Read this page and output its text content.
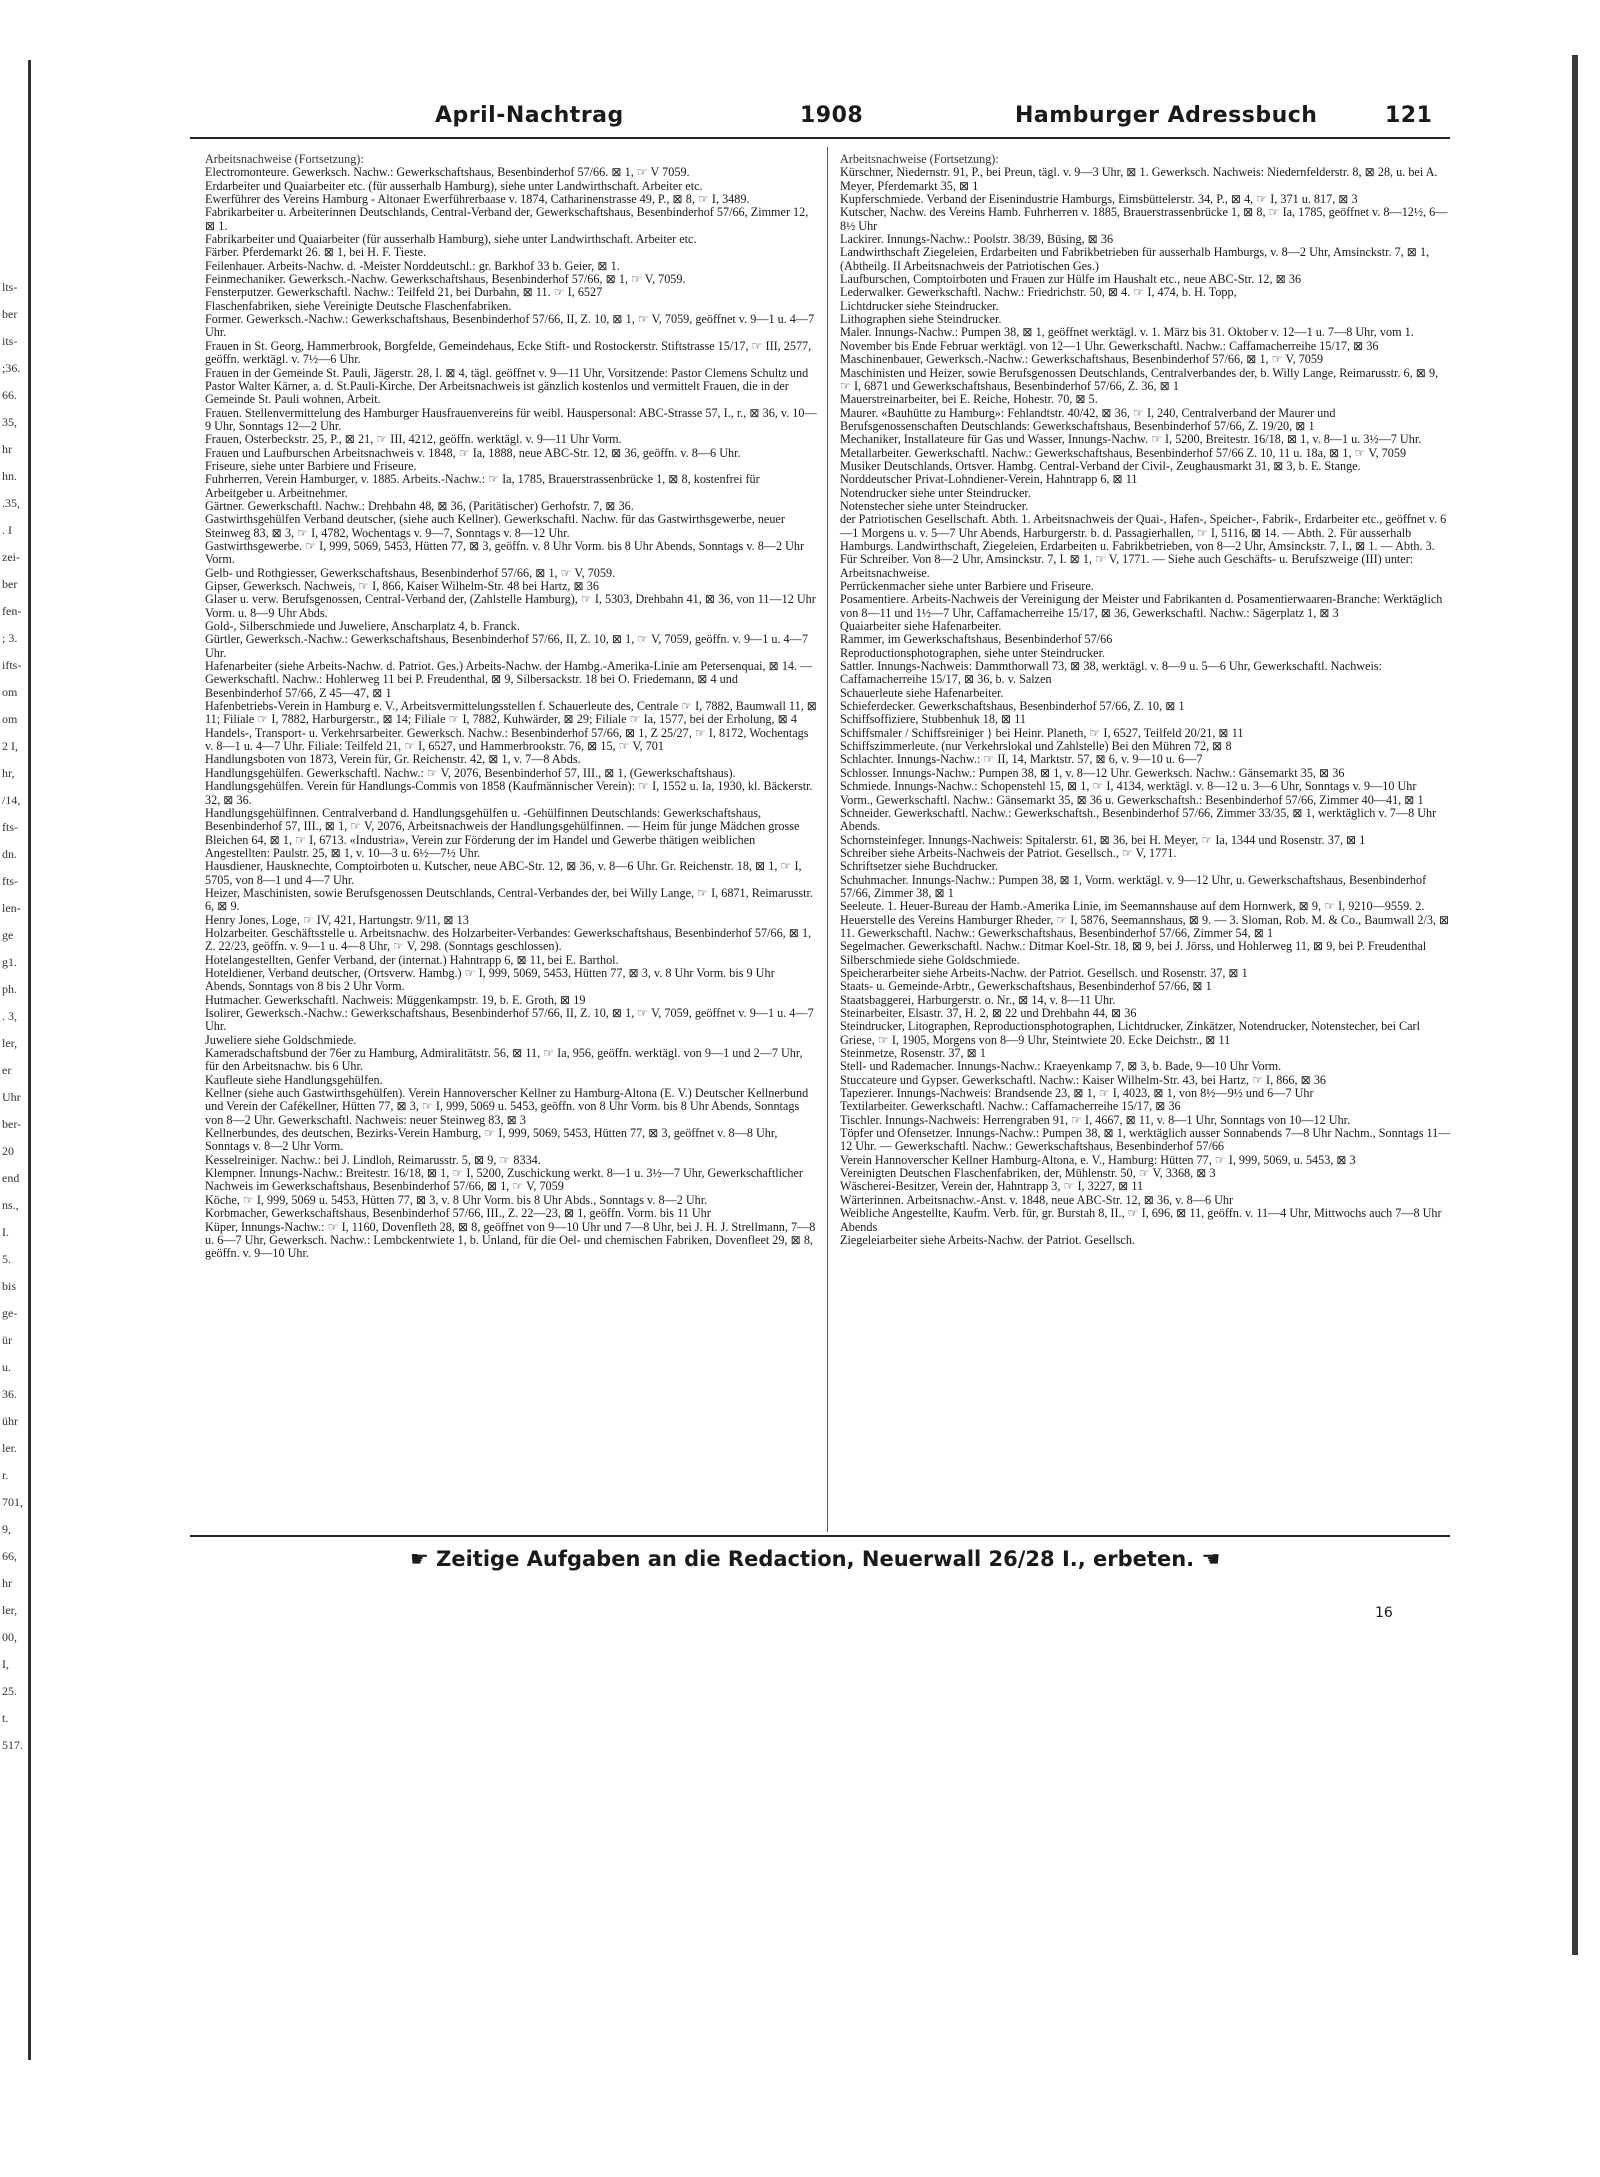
lts-
ber
its-
;36.
66.
35,
hr
hn.
.35,
. I
zei-
ber
fen-
; 3.
ifts-
om
om
2 I,
hr,
/14,
fts-
dn.
fts-
len-
ge
g1.
ph.
. 3,
ler,
er
Uhr
ber-
20
end
ns.,
I.
5.
bis
ge-
ür
u.
36.
ühr
ler.
r.
701,
9,
66,
hr
ler,
00,
I,
25.
t.
517.
April-Nachtrag	1908	Hamburger Adressbuch	121

Arbeitsnachweise (Fortsetzung):

Electromonteure. Gewerksch. Nachw.: Gewerkschaftshaus, Besenbinderhof 57/66. ⊠ 1, ☞ V 7059.

Erdarbeiter und Quaiarbeiter etc. (für ausserhalb Hamburg), siehe unter Landwirthschaft. Arbeiter etc.

Ewerführer des Vereins Hamburg - Altonaer Ewerführerbaase v. 1874, Catharinenstrasse 49, P., ⊠ 8, ☞ I, 3489.

Fabrikarbeiter u. Arbeiterinnen Deutschlands, Central-Verband der, Gewerkschaftshaus, Besenbinderhof 57/66, Zimmer 12, ⊠ 1.

Fabrikarbeiter und Quaiarbeiter (für ausserhalb Hamburg), siehe unter Landwirthschaft. Arbeiter etc.

Färber. Pferdemarkt 26. ⊠ 1, bei H. F. Tieste.

Feilenhauer. Arbeits-Nachw. d. -Meister Norddeutschl.: gr. Barkhof 33 b. Geier, ⊠ 1.

Feinmechaniker. Gewerksch.-Nachw. Gewerkschaftshaus, Besenbinderhof 57/66, ⊠ 1, ☞ V, 7059.

Fensterputzer. Gewerkschaftl. Nachw.: Teilfeld 21, bei Durbahn, ⊠ 11. ☞ I, 6527

Flaschenfabriken, siehe Vereinigte Deutsche Flaschenfabriken.

Former. Gewerksch.-Nachw.: Gewerkschaftshaus, Besenbinderhof 57/66, II, Z. 10, ⊠ 1, ☞ V, 7059, geöffnet v. 9—1 u. 4—7 Uhr.

Frauen in St. Georg, Hammerbrook, Borgfelde, Gemeindehaus, Ecke Stift- und Rostockerstr. Stiftstrasse 15/17, ☞ III, 2577, geöffn. werktägl. v. 7½—6 Uhr.

Frauen in der Gemeinde St. Pauli, Jägerstr. 28, I. ⊠ 4, tägl. geöffnet v. 9—11 Uhr, Vorsitzende: Pastor Clemens Schultz und Pastor Walter Kärner, a. d. St.Pauli-Kirche. Der Arbeitsnachweis ist gänzlich kostenlos und vermittelt Frauen, die in der Gemeinde St. Pauli wohnen, Arbeit.

Frauen. Stellenvermittelung des Hamburger Hausfrauenvereins für weibl. Hauspersonal: ABC-Strasse 57, I., r., ⊠ 36, v. 10—9 Uhr, Sonntags 12—2 Uhr.

Frauen, Osterbeckstr. 25, P., ⊠ 21, ☞ III, 4212, geöffn. werktägl. v. 9—11 Uhr Vorm.

Frauen und Laufburschen Arbeitsnachweis v. 1848, ☞ Ia, 1888, neue ABC-Str. 12, ⊠ 36, geöffn. v. 8—6 Uhr.

Friseure, siehe unter Barbiere und Friseure.

Fuhrherren, Verein Hamburger, v. 1885. Arbeits.-Nachw.: ☞ Ia, 1785, Brauerstrassenbrücke 1, ⊠ 8, kostenfrei für Arbeitgeber u. Arbeitnehmer.

Gärtner. Gewerkschaftl. Nachw.: Drehbahn 48, ⊠ 36, (Paritätischer) Gerhofstr. 7, ⊠ 36.

Gastwirthsgehülfen Verband deutscher, (siehe auch Kellner). Gewerkschaftl. Nachw. für das Gastwirthsgewerbe, neuer Steinweg 83, ⊠ 3, ☞ I, 4782, Wochentags v. 9—7, Sonntags v. 8—12 Uhr.

Gastwirthsgewerbe. ☞ I, 999, 5069, 5453, Hütten 77, ⊠ 3, geöffn. v. 8 Uhr Vorm. bis 8 Uhr Abends, Sonntags v. 8—2 Uhr Vorm.

Gelb- und Rothgiesser, Gewerkschaftshaus, Besenbinderhof 57/66, ⊠ 1, ☞ V, 7059.

Gipser, Gewerksch. Nachweis, ☞ I, 866, Kaiser Wilhelm-Str. 48 bei Hartz, ⊠ 36

Glaser u. verw. Berufsgenossen, Central-Verband der, (Zahlstelle Hamburg), ☞ I, 5303, Drehbahn 41, ⊠ 36, von 11—12 Uhr Vorm. u. 8—9 Uhr Abds.

Gold-, Silberschmiede und Juweliere, Anscharplatz 4, b. Franck.

Gürtler, Gewerksch.-Nachw.: Gewerkschaftshaus, Besenbinderhof 57/66, II, Z. 10, ⊠ 1, ☞ V, 7059, geöffn. v. 9—1 u. 4—7 Uhr.

Hafenarbeiter (siehe Arbeits-Nachw. d. Patriot. Ges.) Arbeits-Nachw. der Hambg.-Amerika-Linie am Petersenquai, ⊠ 14. — Gewerkschaftl. Nachw.: Hohlerweg 11 bei P. Freudenthal, ⊠ 9, Silbersackstr. 18 bei O. Friedemann, ⊠ 4 und Besenbinderhof 57/66, Z 45—47, ⊠ 1

Hafenbetriebs-Verein in Hamburg e. V., Arbeitsvermittelungsstellen f. Schauerleute des, Centrale ☞ I, 7882, Baumwall 11, ⊠ 11; Filiale ☞ I, 7882, Harburgerstr., ⊠ 14; Filiale ☞ I, 7882, Kuhwärder, ⊠ 29; Filiale ☞ Ia, 1577, bei der Erholung, ⊠ 4

Handels-, Transport- u. Verkehrsarbeiter. Gewerksch. Nachw.: Besenbinderhof 57/66, ⊠ 1, Z 25/27, ☞ I, 8172, Wochentags v. 8—1 u. 4—7 Uhr. Filiale: Teilfeld 21, ☞ I, 6527, und Hammerbrookstr. 76, ⊠ 15, ☞ V, 701

Handlungsboten von 1873, Verein für, Gr. Reichenstr. 42, ⊠ 1, v. 7—8 Abds.

Handlungsgehülfen. Gewerkschaftl. Nachw.: ☞ V, 2076, Besenbinderhof 57, III., ⊠ 1, (Gewerkschaftshaus).

Handlungsgehülfen. Verein für Handlungs-Commis von 1858 (Kaufmännischer Verein): ☞ I, 1552 u. Ia, 1930, kl. Bäckerstr. 32, ⊠ 36.

Handlungsgehülfinnen. Centralverband d. Handlungsgehülfen u. -Gehülfinnen Deutschlands: Gewerkschaftshaus, Besenbinderhof 57, III., ⊠ 1, ☞ V, 2076, Arbeitsnachweis der Handlungsgehülfinnen. — Heim für junge Mädchen grosse Bleichen 64, ⊠ 1, ☞ I, 6713. «Industria», Verein zur Förderung der im Handel und Gewerbe thätigen weiblichen Angestellten: Paulstr. 25, ⊠ 1, v. 10—3 u. 6½—7½ Uhr.

Hausdiener, Hausknechte, Comptoirboten u. Kutscher, neue ABC-Str. 12, ⊠ 36, v. 8—6 Uhr. Gr. Reichenstr. 18, ⊠ 1, ☞ I, 5705, von 8—1 und 4—7 Uhr.

Heizer, Maschinisten, sowie Berufsgenossen Deutschlands, Central-Verbandes der, bei Willy Lange, ☞ I, 6871, Reimarusstr. 6, ⊠ 9.

Henry Jones, Loge, ☞ IV, 421, Hartungstr. 9/11, ⊠ 13

Holzarbeiter. Geschäftsstelle u. Arbeitsnachw. des Holzarbeiter-Verbandes: Gewerkschaftshaus, Besenbinderhof 57/66, ⊠ 1, Z. 22/23, geöffn. v. 9—1 u. 4—8 Uhr, ☞ V, 298. (Sonntags geschlossen).

Hotelangestellten, Genfer Verband, der (internat.) Hahntrapp 6, ⊠ 11, bei E. Barthol.

Hoteldiener, Verband deutscher, (Ortsverw. Hambg.) ☞ I, 999, 5069, 5453, Hütten 77, ⊠ 3, v. 8 Uhr Vorm. bis 9 Uhr Abends, Sonntags von 8 bis 2 Uhr Vorm.

Hutmacher. Gewerkschaftl. Nachweis: Müggenkampstr. 19, b. E. Groth, ⊠ 19

Isolirer, Gewerksch.-Nachw.: Gewerkschaftshaus, Besenbinderhof 57/66, II, Z. 10, ⊠ 1, ☞ V, 7059, geöffnet v. 9—1 u. 4—7 Uhr.

Juweliere siehe Goldschmiede.

Kameradschaftsbund der 76er zu Hamburg, Admiralitätstr. 56, ⊠ 11, ☞ Ia, 956, geöffn. werktägl. von 9—1 und 2—7 Uhr, für den Arbeitsnachw. bis 6 Uhr.

Kaufleute siehe Handlungsgehülfen.

Kellner (siehe auch Gastwirthsgehülfen). Verein Hannoverscher Kellner zu Hamburg-Altona (E. V.) Deutscher Kellnerbund und Verein der Cafékellner, Hütten 77, ⊠ 3, ☞ I, 999, 5069 u. 5453, geöffn. von 8 Uhr Vorm. bis 8 Uhr Abends, Sonntags von 8—2 Uhr. Gewerkschaftl. Nachweis: neuer Steinweg 83, ⊠ 3

Kellnerbundes, des deutschen, Bezirks-Verein Hamburg, ☞ I, 999, 5069, 5453, Hütten 77, ⊠ 3, geöffnet v. 8—8 Uhr, Sonntags v. 8—2 Uhr Vorm.

Kesselreiniger. Nachw.: bei J. Lindloh, Reimarusstr. 5, ⊠ 9, ☞ 8334.

Klempner. Innungs-Nachw.: Breitestr. 16/18, ⊠ 1, ☞ I, 5200, Zuschickung werkt. 8—1 u. 3½—7 Uhr, Gewerkschaftlicher Nachweis im Gewerkschaftshaus, Besenbinderhof 57/66, ⊠ 1, ☞ V, 7059

Köche, ☞ I, 999, 5069 u. 5453, Hütten 77, ⊠ 3, v. 8 Uhr Vorm. bis 8 Uhr Abds., Sonntags v. 8—2 Uhr.

Korbmacher, Gewerkschaftshaus, Besenbinderhof 57/66, III., Z. 22—23, ⊠ 1, geöffn. Vorm. bis 11 Uhr

Küper, Innungs-Nachw.: ☞ I, 1160, Dovenfleth 28, ⊠ 8, geöffnet von 9—10 Uhr und 7—8 Uhr, bei J. H. J. Strellmann, 7—8 u. 6—7 Uhr, Gewerksch. Nachw.: Lembckentwiete 1, b. Unland, für die Oel- und chemischen Fabriken, Dovenfleet 29, ⊠ 8, geöffn. v. 9—10 Uhr.

Arbeitsnachweise (Fortsetzung):

Kürschner, Niedernstr. 91, P., bei Preun, tägl. v. 9—3 Uhr, ⊠ 1. Gewerksch. Nachweis: Niedernfelderstr. 8, ⊠ 28, u. bei A. Meyer, Pferdemarkt 35, ⊠ 1

Kupferschmiede. Verband der Eisenindustrie Hamburgs, Eimsbüttelerstr. 34, P., ⊠ 4, ☞ I, 371 u. 817, ⊠ 3

Kutscher, Nachw. des Vereins Hamb. Fuhrherren v. 1885, Brauerstrassenbrücke 1, ⊠ 8, ☞ Ia, 1785, geöffnet v. 8—12½, 6—8½ Uhr

Lackirer. Innungs-Nachw.: Poolstr. 38/39, Büsing, ⊠ 36

Landwirthschaft Ziegeleien, Erdarbeiten und Fabrikbetrieben für ausserhalb Hamburgs, v. 8—2 Uhr, Amsinckstr. 7, ⊠ 1, (Abtheilg. II Arbeitsnachweis der Patriotischen Ges.)

Laufburschen, Comptoirboten und Frauen zur Hülfe im Haushalt etc., neue ABC-Str. 12, ⊠ 36

Lederwalker. Gewerkschaftl. Nachw.: Friedrichstr. 50, ⊠ 4. ☞ I, 474, b. H. Topp,

Lichtdrucker siehe Steindrucker.

Lithographen siehe Steindrucker.

Maler. Innungs-Nachw.: Pumpen 38, ⊠ 1, geöffnet werktägl. v. 1. März bis 31. Oktober v. 12—1 u. 7—8 Uhr, vom 1. November bis Ende Februar werktägl. von 12—1 Uhr. Gewerkschaftl. Nachw.: Caffamacherreihe 15/17, ⊠ 36

Maschinenbauer, Gewerksch.-Nachw.: Gewerkschaftshaus, Besenbinderhof 57/66, ⊠ 1, ☞ V, 7059

Maschinisten und Heizer, sowie Berufsgenossen Deutschlands, Centralverbandes der, b. Willy Lange, Reimarusstr. 6, ⊠ 9, ☞ I, 6871 und Gewerkschaftshaus, Besenbinderhof 57/66, Z. 36, ⊠ 1

Mauerstreinarbeiter, bei E. Reiche, Hohestr. 70, ⊠ 5.

Maurer. «Bauhütte zu Hamburg»: Fehlandtstr. 40/42, ⊠ 36, ☞ I, 240, Centralverband der Maurer und Berufsgenossenschaften Deutschlands: Gewerkschaftshaus, Besenbinderhof 57/66, Z. 19/20, ⊠ 1

Mechaniker, Installateure für Gas und Wasser, Innungs-Nachw. ☞ I, 5200, Breitestr. 16/18, ⊠ 1, v. 8—1 u. 3½—7 Uhr.

Metallarbeiter. Gewerkschaftl. Nachw.: Gewerkschaftshaus, Besenbinderhof 57/66 Z. 10, 11 u. 18a, ⊠ 1, ☞ V, 7059

Musiker Deutschlands, Ortsver. Hambg. Central-Verband der Civil-, Zeughausmarkt 31, ⊠ 3, b. E. Stange.

Norddeutscher Privat-Lohndiener-Verein, Hahntrapp 6, ⊠ 11

Notendrucker siehe unter Steindrucker.

Notenstecher siehe unter Steindrucker.

der Patriotischen Gesellschaft. Abth. 1. Arbeitsnachweis der Quai-, Hafen-, Speicher-, Fabrik-, Erdarbeiter etc., geöffnet v. 6—1 Morgens u. v. 5—7 Uhr Abends, Harburgerstr. b. d. Passagierhallen, ☞ I, 5116, ⊠ 14. — Abth. 2. Für ausserhalb Hamburgs. Landwirthschaft, Ziegeleien, Erdarbeiten u. Fabrikbetrieben, von 8—2 Uhr, Amsinckstr. 7, I., ⊠ 1. — Abth. 3. Für Schreiber. Von 8—2 Uhr, Amsinckstr. 7, I. ⊠ 1, ☞ V, 1771. — Siehe auch Geschäfts- u. Berufszweige (III) unter: Arbeitsnachweise.

Perrückenmacher siehe unter Barbiere und Friseure.

Posamentiere. Arbeits-Nachweis der Vereinigung der Meister und Fabrikanten d. Posamentierwaaren-Branche: Werktäglich von 8—11 und 1½—7 Uhr, Caffamacherreihe 15/17, ⊠ 36, Gewerkschaftl. Nachw.: Sägerplatz 1, ⊠ 3

Quaiarbeiter siehe Hafenarbeiter.

Rammer, im Gewerkschaftshaus, Besenbinderhof 57/66

Reproductionsphotographen, siehe unter Steindrucker.

Sattler. Innungs-Nachweis: Dammthorwall 73, ⊠ 38, werktägl. v. 8—9 u. 5—6 Uhr, Gewerkschaftl. Nachweis: Caffamacherreihe 15/17, ⊠ 36, b. v. Salzen

Schauerleute siehe Hafenarbeiter.

Schieferdecker. Gewerkschaftshaus, Besenbinderhof 57/66, Z. 10, ⊠ 1

Schiffsoffiziere, Stubbenhuk 18, ⊠ 11

Schiffsmaler / Schiffsreiniger } bei Heinr. Planeth, ☞ I, 6527, Teilfeld 20/21, ⊠ 11

Schiffszimmerleute. (nur Verkehrslokal und Zahlstelle) Bei den Mühren 72, ⊠ 8

Schlachter. Innungs-Nachw.: ☞ II, 14, Marktstr. 57, ⊠ 6, v. 9—10 u. 6—7

Schlosser. Innungs-Nachw.: Pumpen 38, ⊠ 1, v. 8—12 Uhr. Gewerksch. Nachw.: Gänsemarkt 35, ⊠ 36

Schmiede. Innungs-Nachw.: Schopenstehl 15, ⊠ 1, ☞ I, 4134, werktägl. v. 8—12 u. 3—6 Uhr, Sonntags v. 9—10 Uhr Vorm., Gewerkschaftl. Nachw.: Gänsemarkt 35, ⊠ 36 u. Gewerkschaftsh.: Besenbinderhof 57/66, Zimmer 40—41, ⊠ 1

Schneider. Gewerkschaftl. Nachw.: Gewerkschaftsh., Besenbinderhof 57/66, Zimmer 33/35, ⊠ 1, werktäglich v. 7—8 Uhr Abends.

Schornsteinfeger. Innungs-Nachweis: Spitalerstr. 61, ⊠ 36, bei H. Meyer, ☞ Ia, 1344 und Rosenstr. 37, ⊠ 1

Schreiber siehe Arbeits-Nachweis der Patriot. Gesellsch., ☞ V, 1771.

Schriftsetzer siehe Buchdrucker.

Schuhmacher. Innungs-Nachw.: Pumpen 38, ⊠ 1, Vorm. werktägl. v. 9—12 Uhr, u. Gewerkschaftshaus, Besenbinderhof 57/66, Zimmer 38, ⊠ 1

Seeleute. 1. Heuer-Bureau der Hamb.-Amerika Linie, im Seemannshause auf dem Hornwerk, ⊠ 9, ☞ I, 9210—9559. 2. Heuerstelle des Vereins Hamburger Rheder, ☞ I, 5876, Seemannshaus, ⊠ 9. — 3. Sloman, Rob. M. & Co., Baumwall 2/3, ⊠ 11. Gewerkschaftl. Nachw.: Gewerkschaftshaus, Besenbinderhof 57/66, Zimmer 54, ⊠ 1

Segelmacher. Gewerkschaftl. Nachw.: Ditmar Koel-Str. 18, ⊠ 9, bei J. Jörss, und Hohlerweg 11, ⊠ 9, bei P. Freudenthal

Silberschmiede siehe Goldschmiede.

Speicherarbeiter siehe Arbeits-Nachw. der Patriot. Gesellsch. und Rosenstr. 37, ⊠ 1

Staats- u. Gemeinde-Arbtr., Gewerkschaftshaus, Besenbinderhof 57/66, ⊠ 1

Staatsbaggerei, Harburgerstr. o. Nr., ⊠ 14, v. 8—11 Uhr.

Steinarbeiter, Elsastr. 37, H. 2, ⊠ 22 und Drehbahn 44, ⊠ 36

Steindrucker, Litographen, Reproductionsphotographen, Lichtdrucker, Zinkätzer, Notendrucker, Notenstecher, bei Carl Griese, ☞ I, 1905, Morgens von 8—9 Uhr, Steintwiete 20. Ecke Deichstr., ⊠ 11

Steinmetze, Rosenstr. 37, ⊠ 1

Stell- und Rademacher. Innungs-Nachw.: Kraeyenkamp 7, ⊠ 3, b. Bade, 9—10 Uhr Vorm.

Stuccateure und Gypser. Gewerkschaftl. Nachw.: Kaiser Wilhelm-Str. 43, bei Hartz, ☞ I, 866, ⊠ 36

Tapezierer. Innungs-Nachweis: Brandsende 23, ⊠ 1, ☞ I, 4023, ⊠ 1, von 8½—9½ und 6—7 Uhr

Textilarbeiter. Gewerkschaftl. Nachw.: Caffamacherreihe 15/17, ⊠ 36

Tischler. Innungs-Nachweis: Herrengraben 91, ☞ I, 4667, ⊠ 11, v. 8—1 Uhr, Sonntags von 10—12 Uhr.

Töpfer und Ofensetzer. Innungs-Nachw.: Pumpen 38, ⊠ 1, werktäglich ausser Sonnabends 7—8 Uhr Nachm., Sonntags 11—12 Uhr. — Gewerkschaftl. Nachw.: Gewerkschaftshaus, Besenbinderhof 57/66

Verein Hannoverscher Kellner Hamburg-Altona, e. V., Hamburg: Hütten 77, ☞ I, 999, 5069, u. 5453, ⊠ 3

Vereinigten Deutschen Flaschenfabriken, der, Mühlenstr. 50, ☞ V, 3368, ⊠ 3

Wäscherei-Besitzer, Verein der, Hahntrapp 3, ☞ I, 3227, ⊠ 11

Wärterinnen. Arbeitsnachw.-Anst. v. 1848, neue ABC-Str. 12, ⊠ 36, v. 8—6 Uhr

Weibliche Angestellte, Kaufm. Verb. für, gr. Burstah 8, II., ☞ I, 696, ⊠ 11, geöffn. v. 11—4 Uhr, Mittwochs auch 7—8 Uhr Abends

Ziegeleiarbeiter siehe Arbeits-Nachw. der Patriot. Gesellsch.

☛ Zeitige Aufgaben an die Redaction, Neuerwall 26/28 I., erbeten. ☚
16
